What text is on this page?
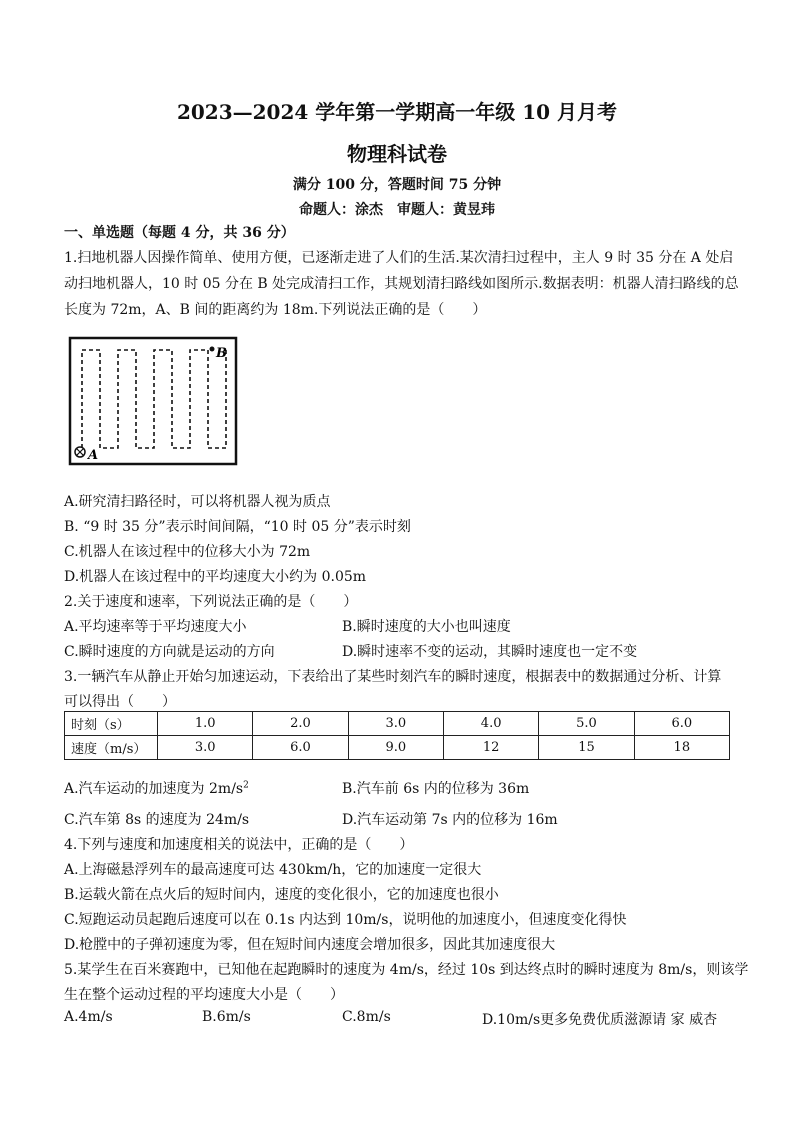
2023—2024 学年第一学期高一年级 10 月月考
物理科试卷
满分 100 分，答题时间 75 分钟
命题人：涂杰　审题人：黄昱玮
一、单选题（每题 4 分，共 36 分）
1.扫地机器人因操作简单、使用方便，已逐渐走进了人们的生活.某次清扫过程中，主人 9 时 35 分在 A 处启
动扫地机器人，10 时 05 分在 B 处完成清扫工作，其规划清扫路线如图所示.数据表明：机器人清扫路线的总
长度为 72m，A、B 间的距离约为 18m.下列说法正确的是（　　）
A
B
A.研究清扫路径时，可以将机器人视为质点
B. “9 时 35 分”表示时间间隔，“10 时 05 分”表示时刻
C.机器人在该过程中的位移大小为 72m
D.机器人在该过程中的平均速度大小约为 0.05m
2.关于速度和速率，下列说法正确的是（　　）
A.平均速率等于平均速度大小	B.瞬时速度的大小也叫速度
C.瞬时速度的方向就是运动的方向	D.瞬时速率不变的运动，其瞬时速度也一定不变
3.一辆汽车从静止开始匀加速运动，下表给出了某些时刻汽车的瞬时速度，根据表中的数据通过分析、计算
可以得出（　　）
时刻（s）	1.0	2.0	3.0	4.0	5.0	6.0
速度（m/s）	3.0	6.0	9.0	12	15	18
A.汽车运动的加速度为 $2m/s^2$	B.汽车前 6s 内的位移为 36m
C.汽车第 8s 的速度为 24m/s	D.汽车运动第 7s 内的位移为 16m
4.下列与速度和加速度相关的说法中，正确的是（　　）
A.上海磁悬浮列车的最高速度可达 430km/h，它的加速度一定很大
B.运载火箭在点火后的短时间内，速度的变化很小，它的加速度也很小
C.短跑运动员起跑后速度可以在 0.1s 内达到 10m/s，说明他的加速度小，但速度变化得快
D.枪膛中的子弹初速度为零，但在短时间内速度会增加很多，因此其加速度很大
5.某学生在百米赛跑中，已知他在起跑瞬时的速度为 4m/s，经过 10s 到达终点时的瞬时速度为 8m/s，则该学
生在整个运动过程的平均速度大小是（　　）
A.4m/s	B.6m/s	C.8m/s	D.10m/s更多免费优质滋源请 家 威杏
